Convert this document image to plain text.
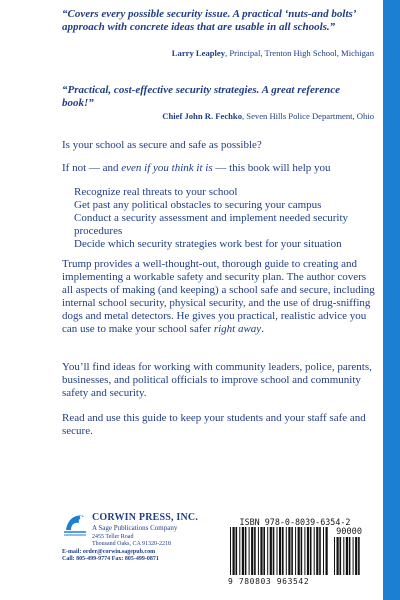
“Covers every possible security issue. A practical ‘nuts-and bolts’ approach with concrete ideas that are usable in all schools.”
Larry Leapley, Principal, Trenton High School, Michigan
“Practical, cost-effective security strategies. A great reference book!”
Chief John R. Fechko, Seven Hills Police Department, Ohio
Is your school as secure and safe as possible?
If not — and even if you think it is — this book will help you
Recognize real threats to your school
Get past any political obstacles to securing your campus
Conduct a security assessment and implement needed security procedures
Decide which security strategies work best for your situation
Trump provides a well-thought-out, thorough guide to creating and implementing a workable safety and security plan. The author covers all aspects of making (and keeping) a school safe and secure, including internal school security, physical security, and the use of drug-sniffing dogs and metal detectors. He gives you practical, realistic advice you can use to make your school safer right away.
You’ll find ideas for working with community leaders, police, parents, businesses, and political officials to improve school and community safety and security.
Read and use this guide to keep your students and your staff safe and secure.
CORWIN PRESS, INC.
A Sage Publications Company
2455 Teller Road
Thousand Oaks, CA 91320-2218
E-mail: order@corwin.sagepub.com
Call: 805-499-9774 Fax: 805-499-0871
ISBN 978-0-8039-6354-2
90000
9 780803 963542
